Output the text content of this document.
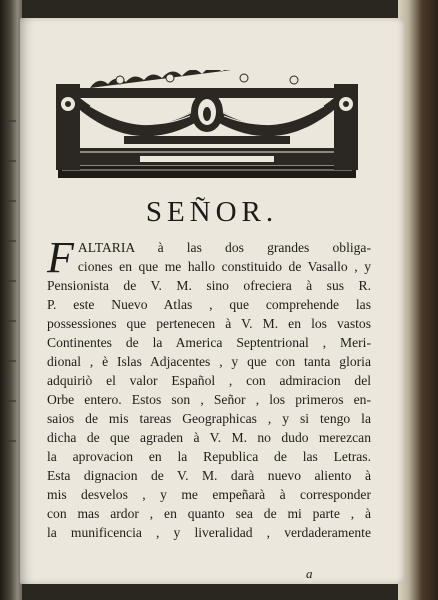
SEÑOR.
F ALTARIA à las dos grandes obliga-
ciones en que me hallo constituido de Vasallo , y
Pensionista de V. M. sino ofreciera à sus R.
P. este Nuevo Atlas , que comprehende las
possessiones que pertenecen à V. M. en los vastos
Continentes de la America Septentrional , Meri-
dional , è Islas Adjacentes , y que con tanta gloria
adquiriò el valor Español , con admiracion del
Orbe entero. Estos son , Señor , los primeros en-
saios de mis tareas Geographicas , y si tengo la
dicha de que agraden à V. M. no dudo merezcan
la aprovacion en la Republica de las Letras.
Esta dignacion de V. M. darà nuevo aliento à
mis desvelos , y me empeñarà à corresponder
con mas ardor , en quanto sea de mi parte , à
la munificencia , y liveralidad , verdaderamente
a
